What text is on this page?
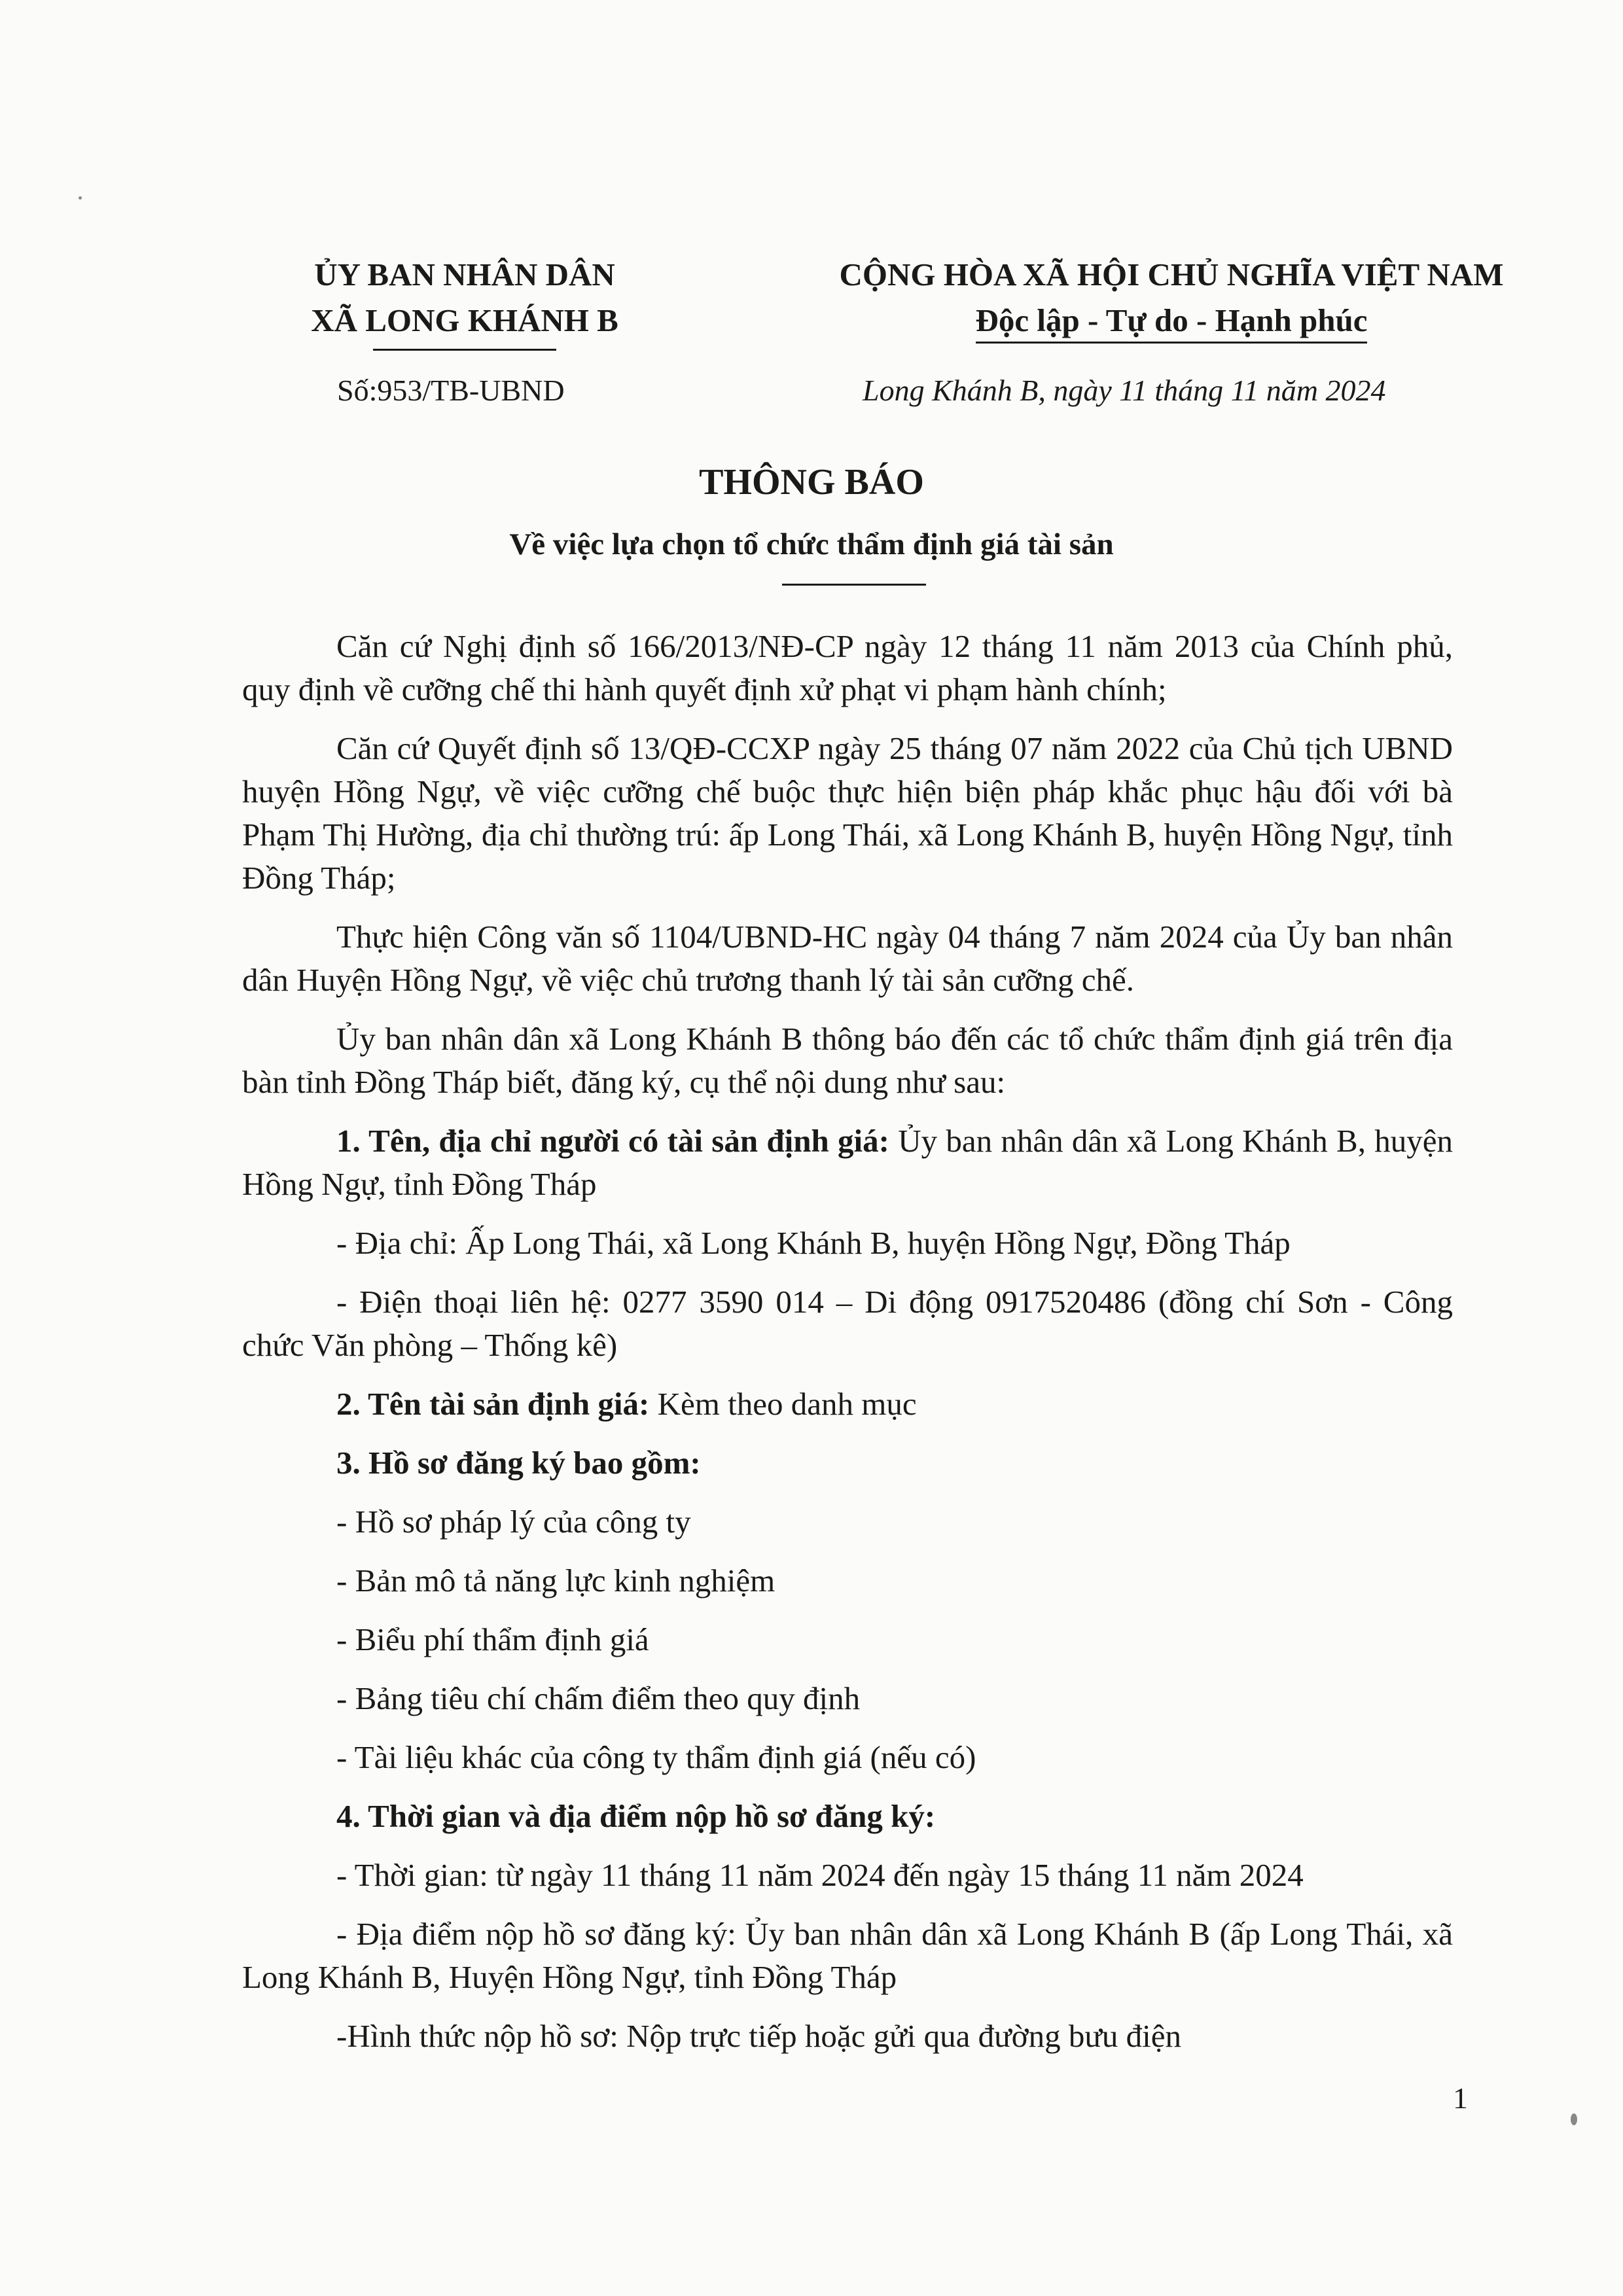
ỦY BAN NHÂN DÂN
XÃ LONG KHÁNH B
CỘNG HÒA XÃ HỘI CHỦ NGHĨA VIỆT NAM
Độc lập - Tự do - Hạnh phúc
Số:953/TB-UBND	Long Khánh B, ngày 11 tháng 11 năm 2024
THÔNG BÁO
Về việc lựa chọn tổ chức thẩm định giá tài sản

Căn cứ Nghị định số 166/2013/NĐ-CP ngày 12 tháng 11 năm 2013 của Chính phủ, quy định về cưỡng chế thi hành quyết định xử phạt vi phạm hành chính;

Căn cứ Quyết định số 13/QĐ-CCXP ngày 25 tháng 07 năm 2022 của Chủ tịch UBND huyện Hồng Ngự, về việc cưỡng chế buộc thực hiện biện pháp khắc phục hậu đối với bà Phạm Thị Hường, địa chỉ thường trú: ấp Long Thái, xã Long Khánh B, huyện Hồng Ngự, tỉnh Đồng Tháp;

Thực hiện Công văn số 1104/UBND-HC ngày 04 tháng 7 năm 2024 của Ủy ban nhân dân Huyện Hồng Ngự, về việc chủ trương thanh lý tài sản cưỡng chế.

Ủy ban nhân dân xã Long Khánh B thông báo đến các tổ chức thẩm định giá trên địa bàn tỉnh Đồng Tháp biết, đăng ký, cụ thể nội dung như sau:

1. Tên, địa chỉ người có tài sản định giá: Ủy ban nhân dân xã Long Khánh B, huyện Hồng Ngự, tỉnh Đồng Tháp

- Địa chỉ: Ấp Long Thái, xã Long Khánh B, huyện Hồng Ngự, Đồng Tháp

- Điện thoại liên hệ: 0277 3590 014 – Di động 0917520486 (đồng chí Sơn - Công chức Văn phòng – Thống kê)

2. Tên tài sản định giá: Kèm theo danh mục

3. Hồ sơ đăng ký bao gồm:

- Hồ sơ pháp lý của công ty

- Bản mô tả năng lực kinh nghiệm

- Biểu phí thẩm định giá

- Bảng tiêu chí chấm điểm theo quy định

- Tài liệu khác của công ty thẩm định giá (nếu có)

4. Thời gian và địa điểm nộp hồ sơ đăng ký:

- Thời gian: từ ngày 11 tháng 11 năm 2024 đến ngày 15 tháng 11 năm 2024

- Địa điểm nộp hồ sơ đăng ký: Ủy ban nhân dân xã Long Khánh B (ấp Long Thái, xã Long Khánh B, Huyện Hồng Ngự, tỉnh Đồng Tháp

-Hình thức nộp hồ sơ: Nộp trực tiếp hoặc gửi qua đường bưu điện

1
